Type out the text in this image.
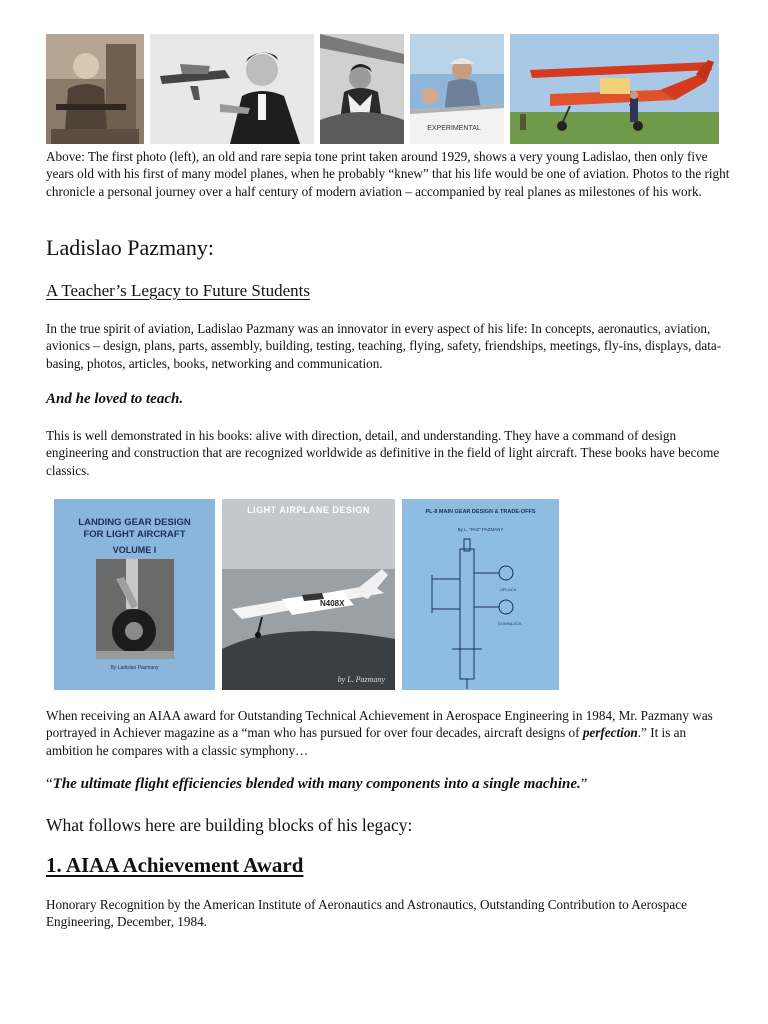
EXPERIMENTAL

Above: The first photo (left), an old and rare sepia tone print taken around 1929, shows a very young Ladislao, then only five years old with his first of many model planes, when he probably “knew” that his life would be one of aviation. Photos to the right chronicle a personal journey over a half century of modern aviation – accompanied by real planes as milestones of his work.

Ladislao Pazmany:
A Teacher’s Legacy to Future Students

In the true spirit of aviation, Ladislao Pazmany was an innovator in every aspect of his life: In concepts, aeronautics, aviation, avionics – design, plans, parts, assembly, building, testing, teaching, flying, safety, friendships, meetings, fly-ins, displays, data-basing, photos, articles, books, networking and communication.

And he loved to teach.

This is well demonstrated in his books: alive with direction, detail, and understanding. They have a command of design engineering and construction that are recognized worldwide as definitive in the field of light aircraft. These books have become classics.

LANDING GEAR DESIGN
FOR LIGHT AIRCRAFT
VOLUME I
By Ladislao Pazmany
LIGHT AIRPLANE DESIGN
N408X
by L. Pazmany
PL-8 MAIN GEAR DESIGN & TRADE-OFFS
By L. "PAZ" PAZMANY
UPLOCK
DOWNLOCK

When receiving an AIAA award for Outstanding Technical Achievement in Aerospace Engineering in 1984, Mr. Pazmany was portrayed in Achiever magazine as a “man who has pursued for over four decades, aircraft designs of perfection.” It is an ambition he compares with a classic symphony…

“The ultimate flight efficiencies blended with many components into a single machine.”

What follows here are building blocks of his legacy:

1. AIAA Achievement Award

Honorary Recognition by the American Institute of Aeronautics and Astronautics, Outstanding Contribution to Aerospace Engineering, December, 1984.
